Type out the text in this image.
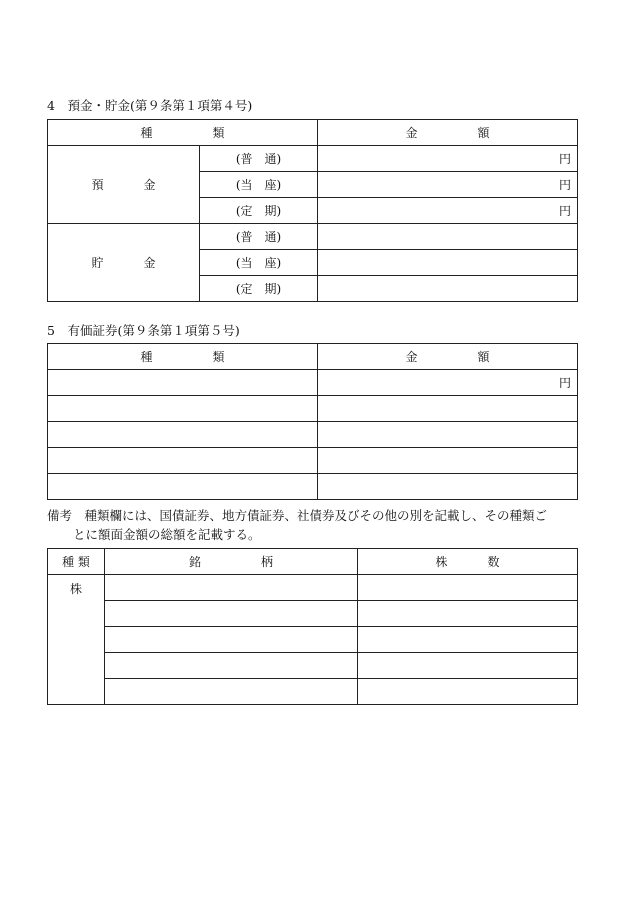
4　預金・貯金(第９条第１項第４号)
種 類		金 額
預 金	(普　通)	円
	(当　座)	円
	(定　期)	円
貯 金	(普　通)	
	(当　座)	
	(定　期)	
5　有価証券(第９条第１項第５号)
種 類	金 額
	円

備考　種類欄には、国債証券、地方債証券、社債券及びその他の別を記載し、その種類ご
とに額面金額の総額を記載する。
種 類	銘 柄	株 数
株		
